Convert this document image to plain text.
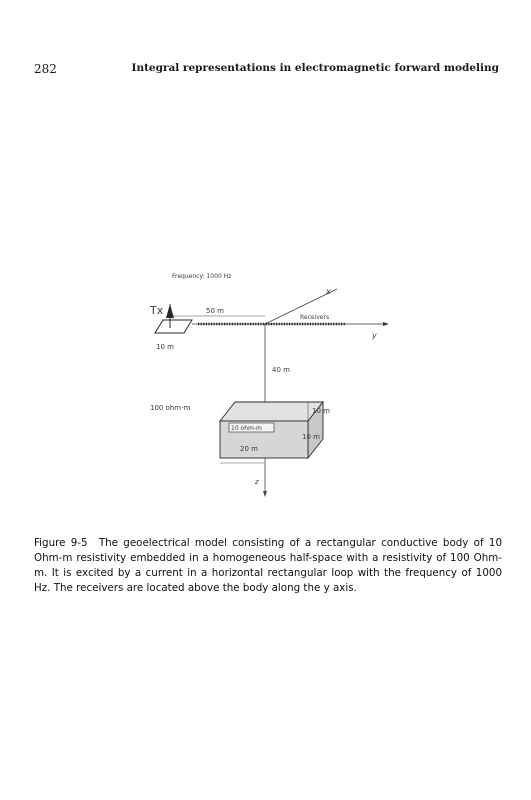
282	Integral representations in electromagnetic forward modeling
Frequency: 1000 Hz
Tx	50 m
x
Receivers
y
10 m
z
40 m
100 ohm-m
10 ohm-m
10 m
10 m
20 m
Figure 9-5 The geoelectrical model consisting of a rectangular conductive body of 10 Ohm-m resistivity embedded in a homogeneous half-space with a resistivity of 100 Ohm-m. It is excited by a current in a horizontal rectangular loop with the frequency of 1000 Hz. The receivers are located above the body along the y axis.
